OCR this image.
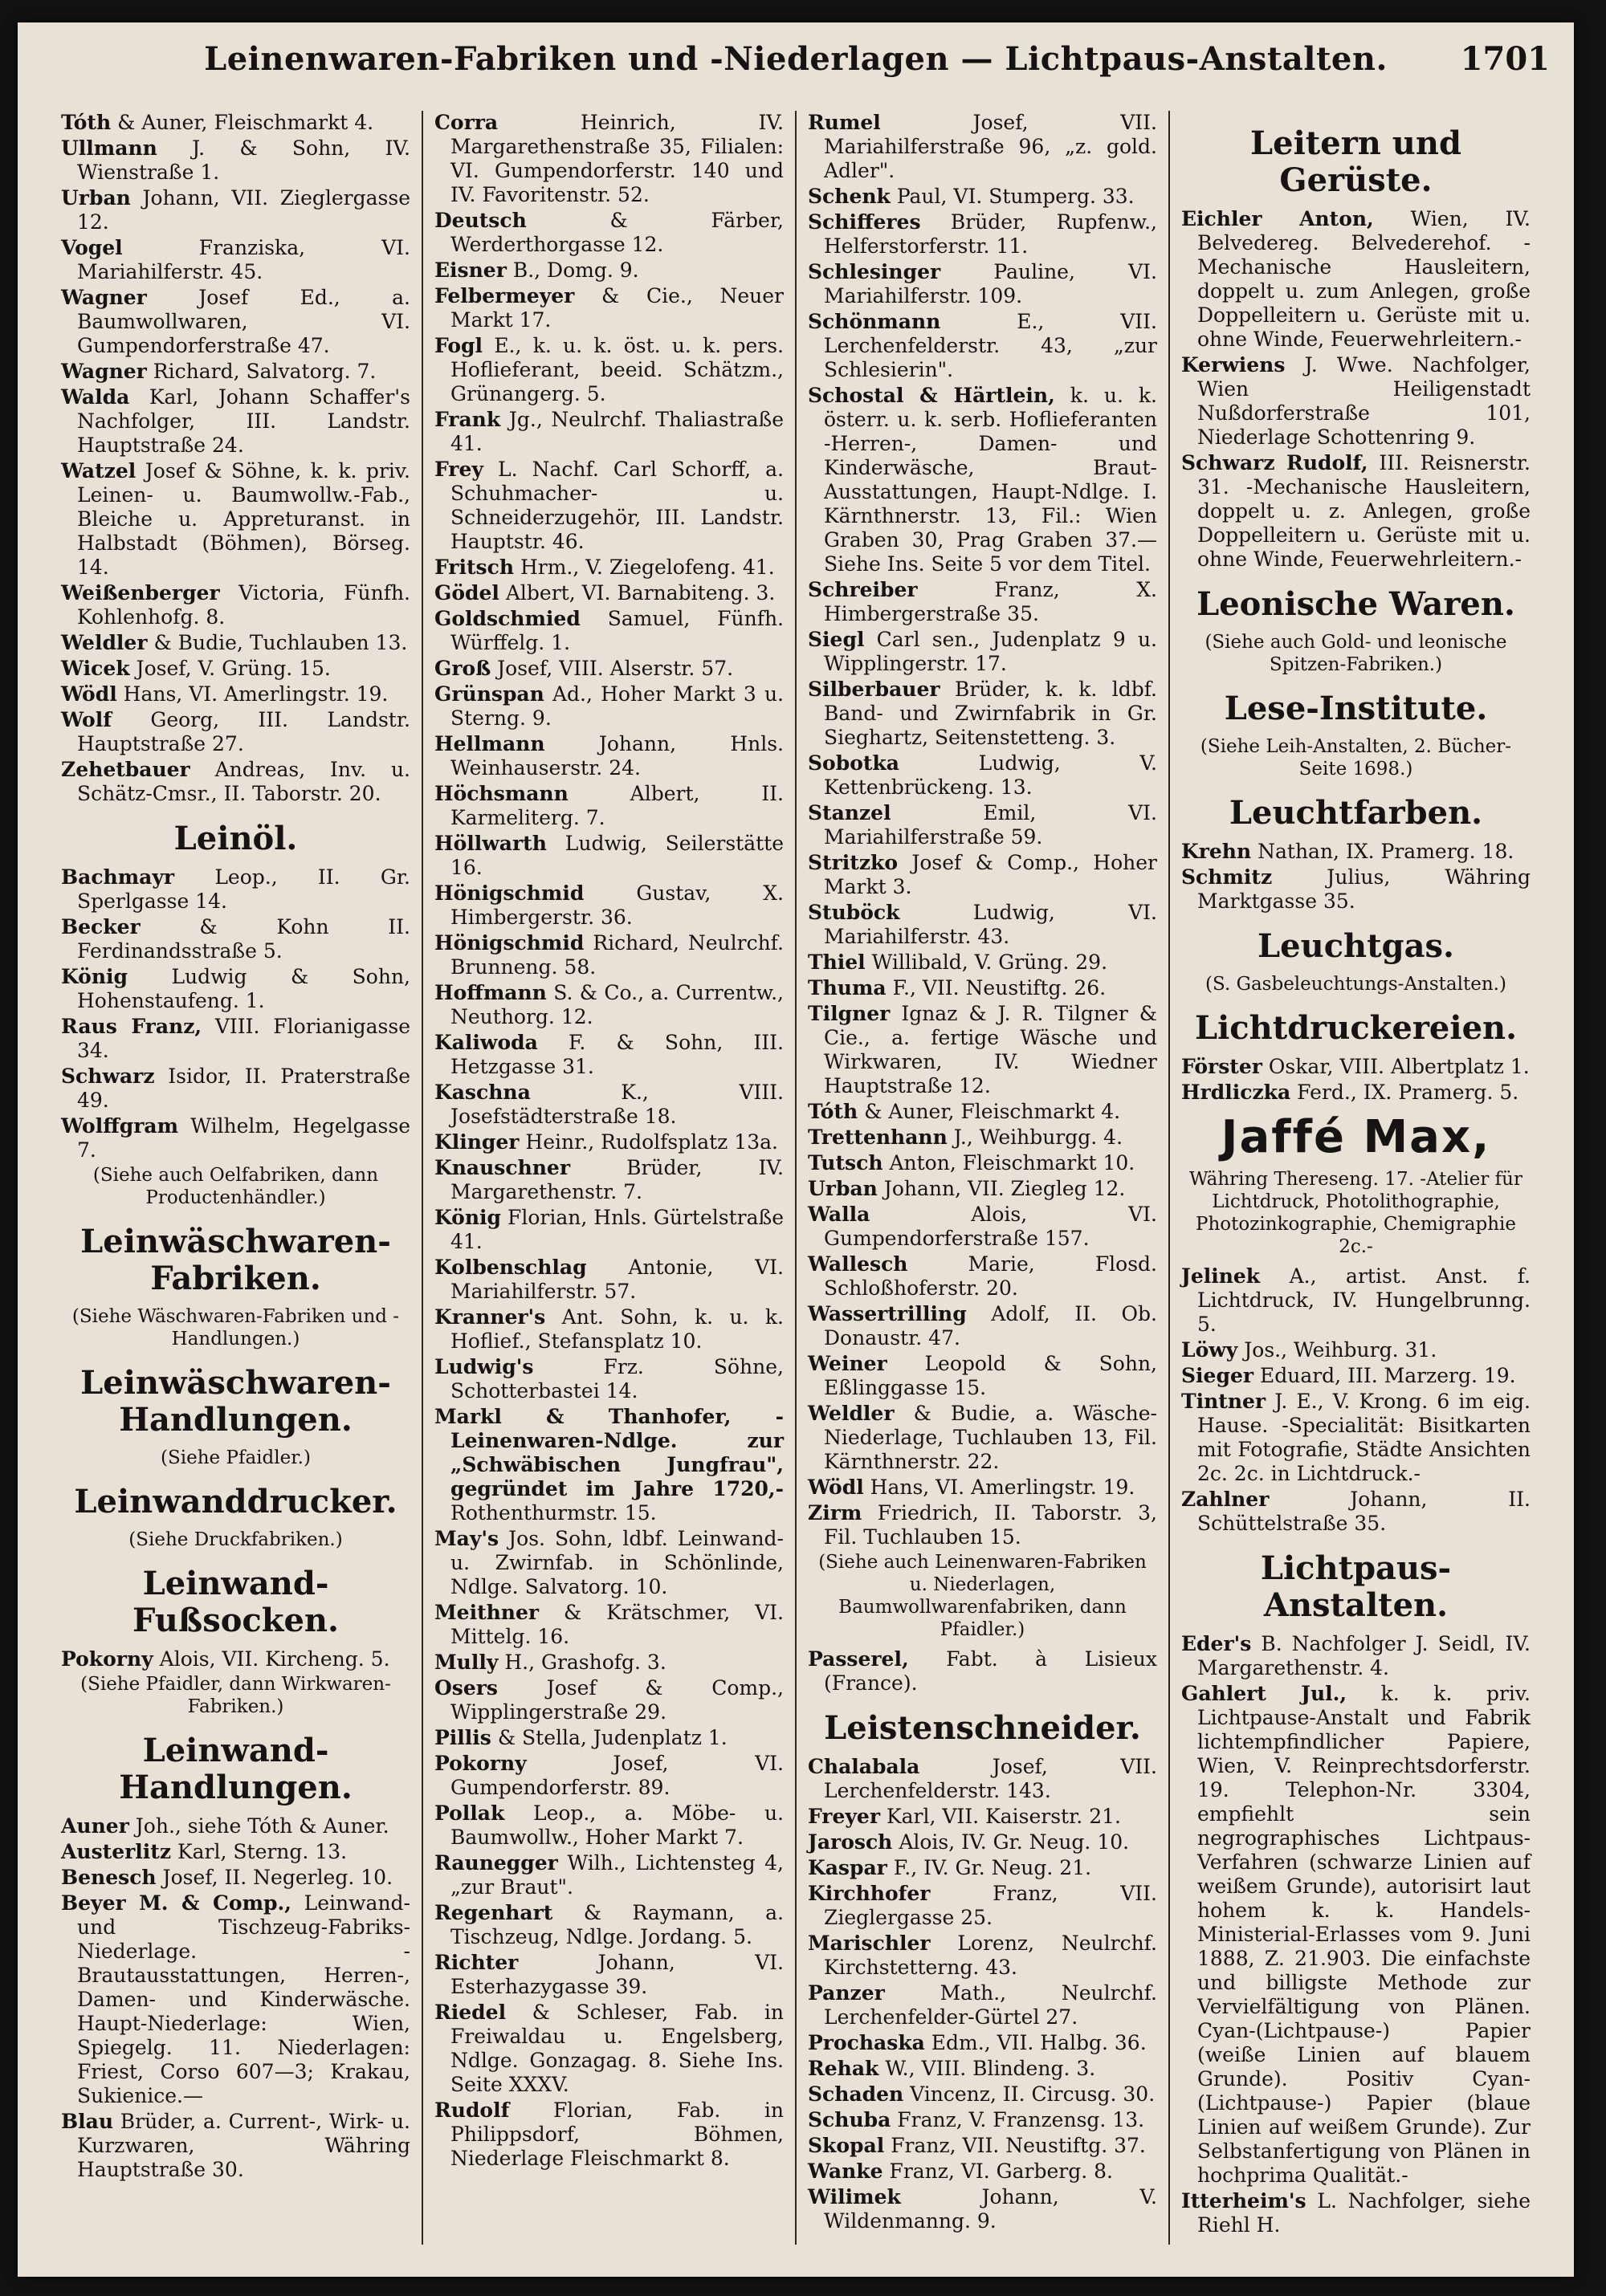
Leinenwaren-Fabriken und -Niederlagen — Lichtpaus-Anstalten.	1701
Tóth & Auner, Fleischmarkt 4.
Ullmann J. & Sohn, IV. Wienstraße 1.
Urban Johann, VII. Zieglergasse 12.
Vogel	Franziska, VI. Mariahilferstr. 45.
Wagner	Josef Ed., a. Baumwollwaren, VI. Gumpendorferstraße 47.
Wagner Richard, Salvatorg. 7.
Walda Karl, Johann Schaffer's Nachfolger, III. Landstr. Hauptstraße 24.
Watzel Josef & Söhne, k. k. priv. Leinen- u. Baumwollw.-Fab., Bleiche u. Appreturanst. in Halbstadt (Böhmen), Börseg. 14.
Weißenberger Victoria, Fünfh. Kohlenhofg. 8.
Weldler & Budie, Tuchlauben 13.
Wicek Josef, V. Grüng. 15.
Wödl Hans, VI. Amerlingstr. 19.
Wolf Georg, III. Landstr. Hauptstraße 27.
Zehetbauer Andreas, Inv. u. Schätz-Cmsr., II. Taborstr. 20.
Leinöl.
Bachmayr Leop., II. Gr. Sperlgasse 14.
Becker	& Kohn II. Ferdinandsstraße 5.
König Ludwig & Sohn, Hohenstaufeng. 1.
Raus Franz, VIII. Florianigasse 34.
Schwarz Isidor, II. Praterstraße 49.
Wolffgram Wilhelm, Hegelgasse 7.
(Siehe auch Oelfabriken, dann Productenhändler.)
Leinwäschwaren-Fabriken.
(Siehe Wäschwaren-Fabriken und -Handlungen.)
Leinwäschwaren-Handlungen.
(Siehe Pfaidler.)
Leinwanddrucker.
(Siehe Druckfabriken.)
Leinwand-Fußsocken.
Pokorny Alois, VII. Kircheng. 5.
(Siehe Pfaidler, dann Wirkwaren-Fabriken.)
Leinwand-Handlungen.
Auner Joh., siehe Tóth & Auner.
Austerlitz Karl, Sterng. 13.
Benesch Josef, II. Negerleg. 10.
Beyer M. & Comp., Leinwand- und Tischzeug-Fabriks-Niederlage. -Brautausstattungen, Herren-, Damen- und Kinderwäsche. Haupt-Niederlage: Wien, Spiegelg. 11. Niederlagen: Friest, Corso 607—3; Krakau, Sukienice.—
Blau Brüder, a. Current-, Wirk- u. Kurzwaren, Währing Hauptstraße 30.
Corra	Heinrich, IV. Margarethenstraße 35, Filialen: VI. Gumpendorferstr. 140 und IV. Favoritenstr. 52.
Deutsch	& Färber, Werderthorgasse 12.
Eisner B., Domg. 9.
Felbermeyer & Cie., Neuer Markt 17.
Fogl E., k. u. k. öst. u. k. pers. Hoflieferant, beeid. Schätzm., Grünangerg. 5.
Frank Jg., Neulrchf. Thaliastraße 41.
Frey L. Nachf. Carl Schorff, a. Schuhmacher- u. Schneiderzugehör, III. Landstr. Hauptstr. 46.
Fritsch Hrm., V. Ziegelofeng. 41.
Gödel Albert, VI. Barnabiteng. 3.
Goldschmied Samuel, Fünfh. Würffelg. 1.
Groß Josef, VIII. Alserstr. 57.
Grünspan Ad., Hoher Markt 3 u. Sterng. 9.
Hellmann	Johann, Hnls. Weinhauserstr. 24.
Höchsmann	Albert, II. Karmeliterg. 7.
Höllwarth Ludwig, Seilerstätte 16.
Hönigschmid	Gustav, X. Himbergerstr. 36.
Hönigschmid Richard, Neulrchf. Brunneng. 58.
Hoffmann S. & Co., a. Currentw., Neuthorg. 12.
Kaliwoda F. & Sohn, III. Hetzgasse 31.
Kaschna	K., VIII. Josefstädterstraße 18.
Klinger Heinr., Rudolfsplatz 13a.
Knauschner	Brüder, IV. Margarethenstr. 7.
König Florian, Hnls. Gürtelstraße 41.
Kolbenschlag Antonie, VI. Mariahilferstr. 57.
Kranner's Ant. Sohn, k. u. k. Hoflief., Stefansplatz 10.
Ludwig's	Frz. Söhne, Schotterbastei 14.
Markl & Thanhofer, -Leinenwaren-Ndlge. zur „Schwäbischen Jungfrau", gegründet im Jahre 1720,- Rothenthurmstr. 15.
May's Jos. Sohn, ldbf. Leinwand- u. Zwirnfab. in Schönlinde, Ndlge. Salvatorg. 10.
Meithner & Krätschmer, VI. Mittelg. 16.
Mully H., Grashofg. 3.
Osers Josef & Comp., Wipplingerstraße 29.
Pillis & Stella, Judenplatz 1.
Pokorny	Josef, VI. Gumpendorferstr. 89.
Pollak Leop., a. Möbe- u. Baumwollw., Hoher Markt 7.
Raunegger Wilh., Lichtensteg 4, „zur Braut".
Regenhart & Raymann, a. Tischzeug, Ndlge. Jordang. 5.
Richter	Johann, VI. Esterhazygasse 39.
Riedel & Schleser, Fab. in Freiwaldau u. Engelsberg, Ndlge. Gonzagag. 8. Siehe Ins. Seite XXXV.
Rudolf Florian, Fab. in Philippsdorf, Böhmen, Niederlage Fleischmarkt 8.
Rumel	Josef, VII. Mariahilferstraße 96, „z. gold. Adler".
Schenk Paul, VI. Stumperg. 33.
Schifferes Brüder, Rupfenw., Helferstorferstr. 11.
Schlesinger	Pauline, VI. Mariahilferstr. 109.
Schönmann	E., VII. Lerchenfelderstr. 43, „zur Schlesierin".
Schostal & Härtlein, k. u. k. österr. u. k. serb. Hoflieferanten -Herren-, Damen- und Kinderwäsche, Braut-Ausstattungen, Haupt-Ndlge. I. Kärnthnerstr. 13, Fil.: Wien Graben 30, Prag Graben 37.— Siehe Ins. Seite 5 vor dem Titel.
Schreiber	Franz, X. Himbergerstraße 35.
Siegl Carl sen., Judenplatz 9 u. Wipplingerstr. 17.
Silberbauer Brüder, k. k. ldbf. Band- und Zwirnfabrik in Gr. Sieghartz, Seitenstetteng. 3.
Sobotka	Ludwig, V. Kettenbrückeng. 13.
Stanzel	Emil, VI. Mariahilferstraße 59.
Stritzko Josef & Comp., Hoher Markt 3.
Stuböck	Ludwig, VI. Mariahilferstr. 43.
Thiel Willibald, V. Grüng. 29.
Thuma F., VII. Neustiftg. 26.
Tilgner Ignaz & J. R. Tilgner & Cie., a. fertige Wäsche und Wirkwaren, IV. Wiedner Hauptstraße 12.
Tóth & Auner, Fleischmarkt 4.
Trettenhann J., Weihburgg. 4.
Tutsch Anton, Fleischmarkt 10.
Urban Johann, VII. Ziegleg 12.
Walla	Alois, VI. Gumpendorferstraße 157.
Wallesch	Marie, Flosd. Schloßhoferstr. 20.
Wassertrilling Adolf, II. Ob. Donaustr. 47.
Weiner Leopold & Sohn, Eßlinggasse 15.
Weldler & Budie, a. Wäsche-Niederlage, Tuchlauben 13, Fil. Kärnthnerstr. 22.
Wödl Hans, VI. Amerlingstr. 19.
Zirm Friedrich, II. Taborstr. 3, Fil. Tuchlauben 15.
(Siehe auch Leinenwaren-Fabriken u. Niederlagen, Baumwollwarenfabriken, dann Pfaidler.)
Passerel, Fabt. à Lisieux (France).
Leistenschneider.
Chalabala	Josef, VII. Lerchenfelderstr. 143.
Freyer Karl, VII. Kaiserstr. 21.
Jarosch Alois, IV. Gr. Neug. 10.
Kaspar F., IV. Gr. Neug. 21.
Kirchhofer	Franz, VII. Zieglergasse 25.
Marischler Lorenz, Neulrchf. Kirchstetterng. 43.
Panzer	Math., Neulrchf. Lerchenfelder-Gürtel 27.
Prochaska Edm., VII. Halbg. 36.
Rehak W., VIII. Blindeng. 3.
Schaden Vincenz, II. Circusg. 30.
Schuba Franz, V. Franzensg. 13.
Skopal Franz, VII. Neustiftg. 37.
Wanke Franz, VI. Garberg. 8.
Wilimek	Johann, V. Wildenmanng. 9.
Leitern und Gerüste.
Eichler Anton, Wien, IV. Belvedereg. Belvederehof. -Mechanische Hausleitern, doppelt u. zum Anlegen, große Doppelleitern u. Gerüste mit u. ohne Winde, Feuerwehrleitern.-
Kerwiens J. Wwe. Nachfolger, Wien Heiligenstadt Nußdorferstraße 101, Niederlage Schottenring 9.
Schwarz Rudolf, III. Reisnerstr. 31. -Mechanische Hausleitern, doppelt u. z. Anlegen, große Doppelleitern u. Gerüste mit u. ohne Winde, Feuerwehrleitern.-
Leonische Waren.
(Siehe auch Gold- und leonische Spitzen-Fabriken.)
Lese-Institute.
(Siehe Leih-Anstalten, 2. Bücher- Seite 1698.)
Leuchtfarben.
Krehn Nathan, IX. Pramerg. 18.
Schmitz	Julius, Währing Marktgasse 35.
Leuchtgas.
(S. Gasbeleuchtungs-Anstalten.)
Lichtdruckereien.
Förster Oskar, VIII. Albertplatz 1.
Hrdliczka Ferd., IX. Pramerg. 5.
Jaffé Max,
Währing Thereseng. 17. -Atelier für Lichtdruck, Photolithographie, Photozinkographie, Chemigraphie 2c.-
Jelinek A., artist. Anst. f. Lichtdruck, IV. Hungelbrunng. 5.
Löwy Jos., Weihburg. 31.
Sieger Eduard, III. Marzerg. 19.
Tintner J. E., V. Krong. 6 im eig. Hause. -Specialität: Bisitkarten mit Fotografie, Städte Ansichten 2c. 2c. in Lichtdruck.-
Zahlner	Johann, II. Schüttelstraße 35.
Lichtpaus-Anstalten.
Eder's B. Nachfolger J. Seidl, IV. Margarethenstr. 4.
Gahlert Jul., k. k. priv. Lichtpause-Anstalt und Fabrik lichtempfindlicher Papiere, Wien, V. Reinprechtsdorferstr. 19. Telephon-Nr. 3304, empfiehlt sein negrographisches Lichtpaus-Verfahren (schwarze Linien auf weißem Grunde), autorisirt laut hohem k. k. Handels-Ministerial-Erlasses vom 9. Juni 1888, Z. 21.903. Die einfachste und billigste Methode zur Vervielfältigung von Plänen. Cyan-(Lichtpause-) Papier (weiße Linien auf blauem Grunde). Positiv Cyan-(Lichtpause-) Papier (blaue Linien auf weißem Grunde). Zur Selbstanfertigung von Plänen in hochprima Qualität.-
Itterheim's L. Nachfolger, siehe Riehl H.
